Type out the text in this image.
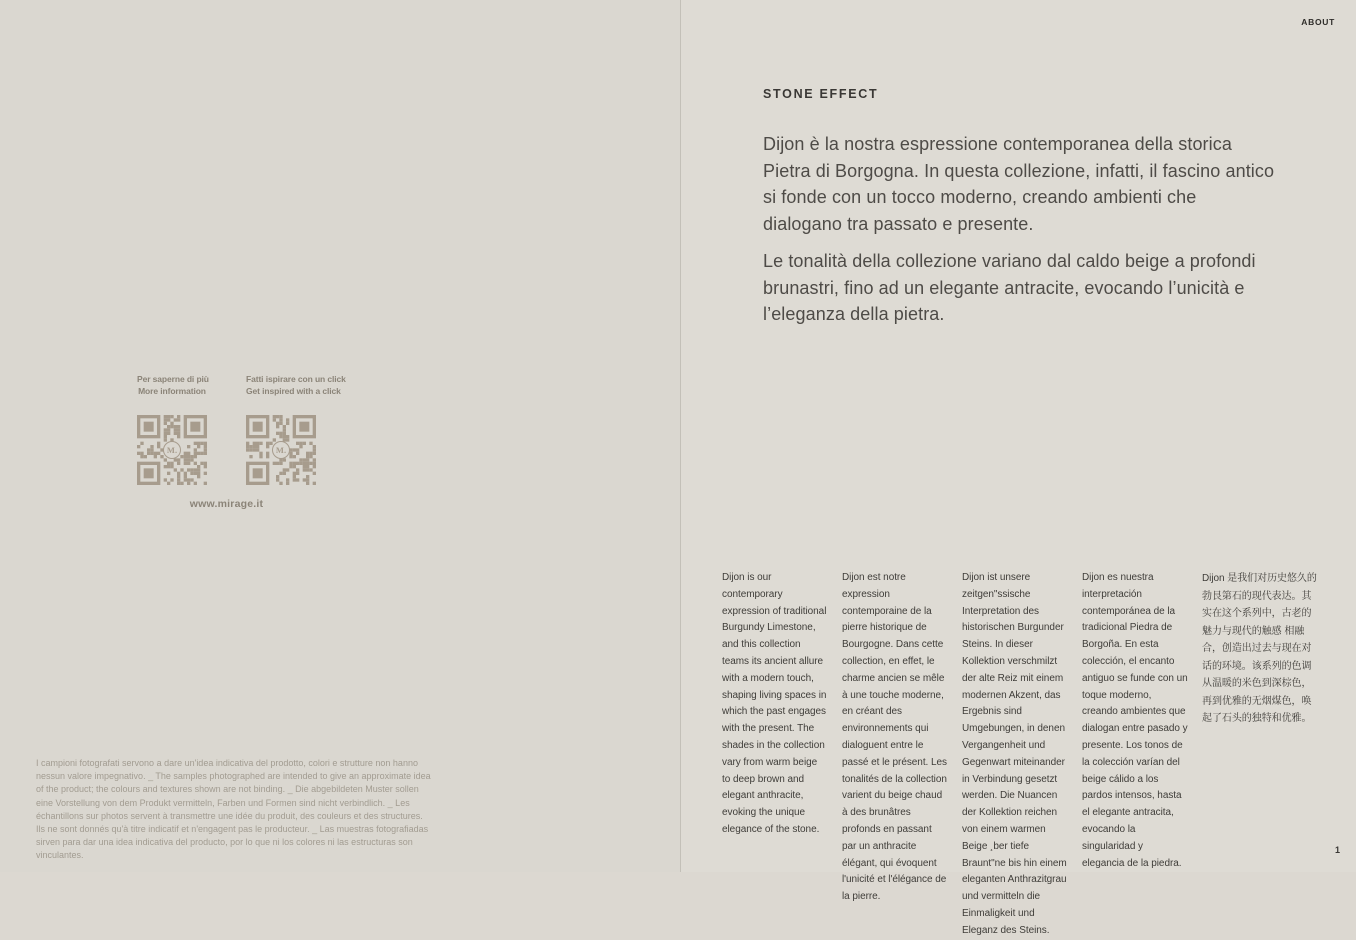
ABOUT
STONE EFFECT

Dijon è la nostra espressione contemporanea della storica Pietra di Borgogna. In questa collezione, infatti, il fascino antico si fonde con un tocco moderno, creando ambienti che dialogano tra passato e presente.

Le tonalità della collezione variano dal caldo beige a profondi brunastri, fino ad un elegante antracite, evocando l’unicità e l’eleganza della pietra.

Per saperne di più
More information
M.
Fatti ispirare con un click
Get inspired with a click
M.
www.mirage.it
Dijon is our contemporary expression of traditional Burgundy Limestone, and this collection teams its ancient allure with a modern touch, shaping living spaces in which the past engages with the present. The shades in the collection vary from warm beige to deep brown and elegant anthracite, evoking the unique elegance of the stone.
Dijon est notre expression contemporaine de la pierre historique de Bourgogne. Dans cette collection, en effet, le charme ancien se mêle à une touche moderne, en créant des environnements qui dialoguent entre le passé et le présent. Les tonalités de la collection varient du beige chaud à des brunâtres profonds en passant par un anthracite élégant, qui évoquent l'unicité et l'élégance de la pierre.
Dijon ist unsere zeitgen"ssische Interpretation des historischen Burgunder Steins. In dieser Kollektion verschmilzt der alte Reiz mit einem modernen Akzent, das Ergebnis sind Umgebungen, in denen Vergangenheit und Gegenwart miteinander in Verbindung gesetzt werden. Die Nuancen der Kollektion reichen von einem warmen Beige ¸ber tiefe Braunt"ne bis hin einem eleganten Anthrazitgrau und vermitteln die Einmaligkeit und Eleganz des Steins.
Dijon es nuestra interpretación contemporánea de la tradicional Piedra de Borgoña. En esta colección, el encanto antiguo se funde con un toque moderno, creando ambientes que dialogan entre pasado y presente. Los tonos de la colección varían del beige cálido a los pardos intensos, hasta el elegante antracita, evocando la singularidad y elegancia de la piedra.
Dijon 是我们对历史悠久的勃艮第石的现代表达。其实在这个系列中，古老的魅力与现代的触感 相融合，创造出过去与现在对话的环境。该系列的色调从温暖的米色到深棕色，再到优雅的无烟煤色，唤起了石头的独特和优雅。
I campioni fotografati servono a dare un'idea indicativa del prodotto, colori e strutture non hanno nessun valore impegnativo. _ The samples photographed are intended to give an approximate idea of the product; the colours and textures shown are not binding. _ Die abgebildeten Muster sollen eine Vorstellung von dem Produkt vermitteln, Farben und Formen sind nicht verbindlich. _ Les échantillons sur photos servent à transmettre une idée du produit, des couleurs et des structures. Ils ne sont donnés qu'à titre indicatif et n'engagent pas le producteur. _ Las muestras fotografiadas sirven para dar una idea indicativa del producto, por lo que ni los colores ni las estructuras son vinculantes.
1
